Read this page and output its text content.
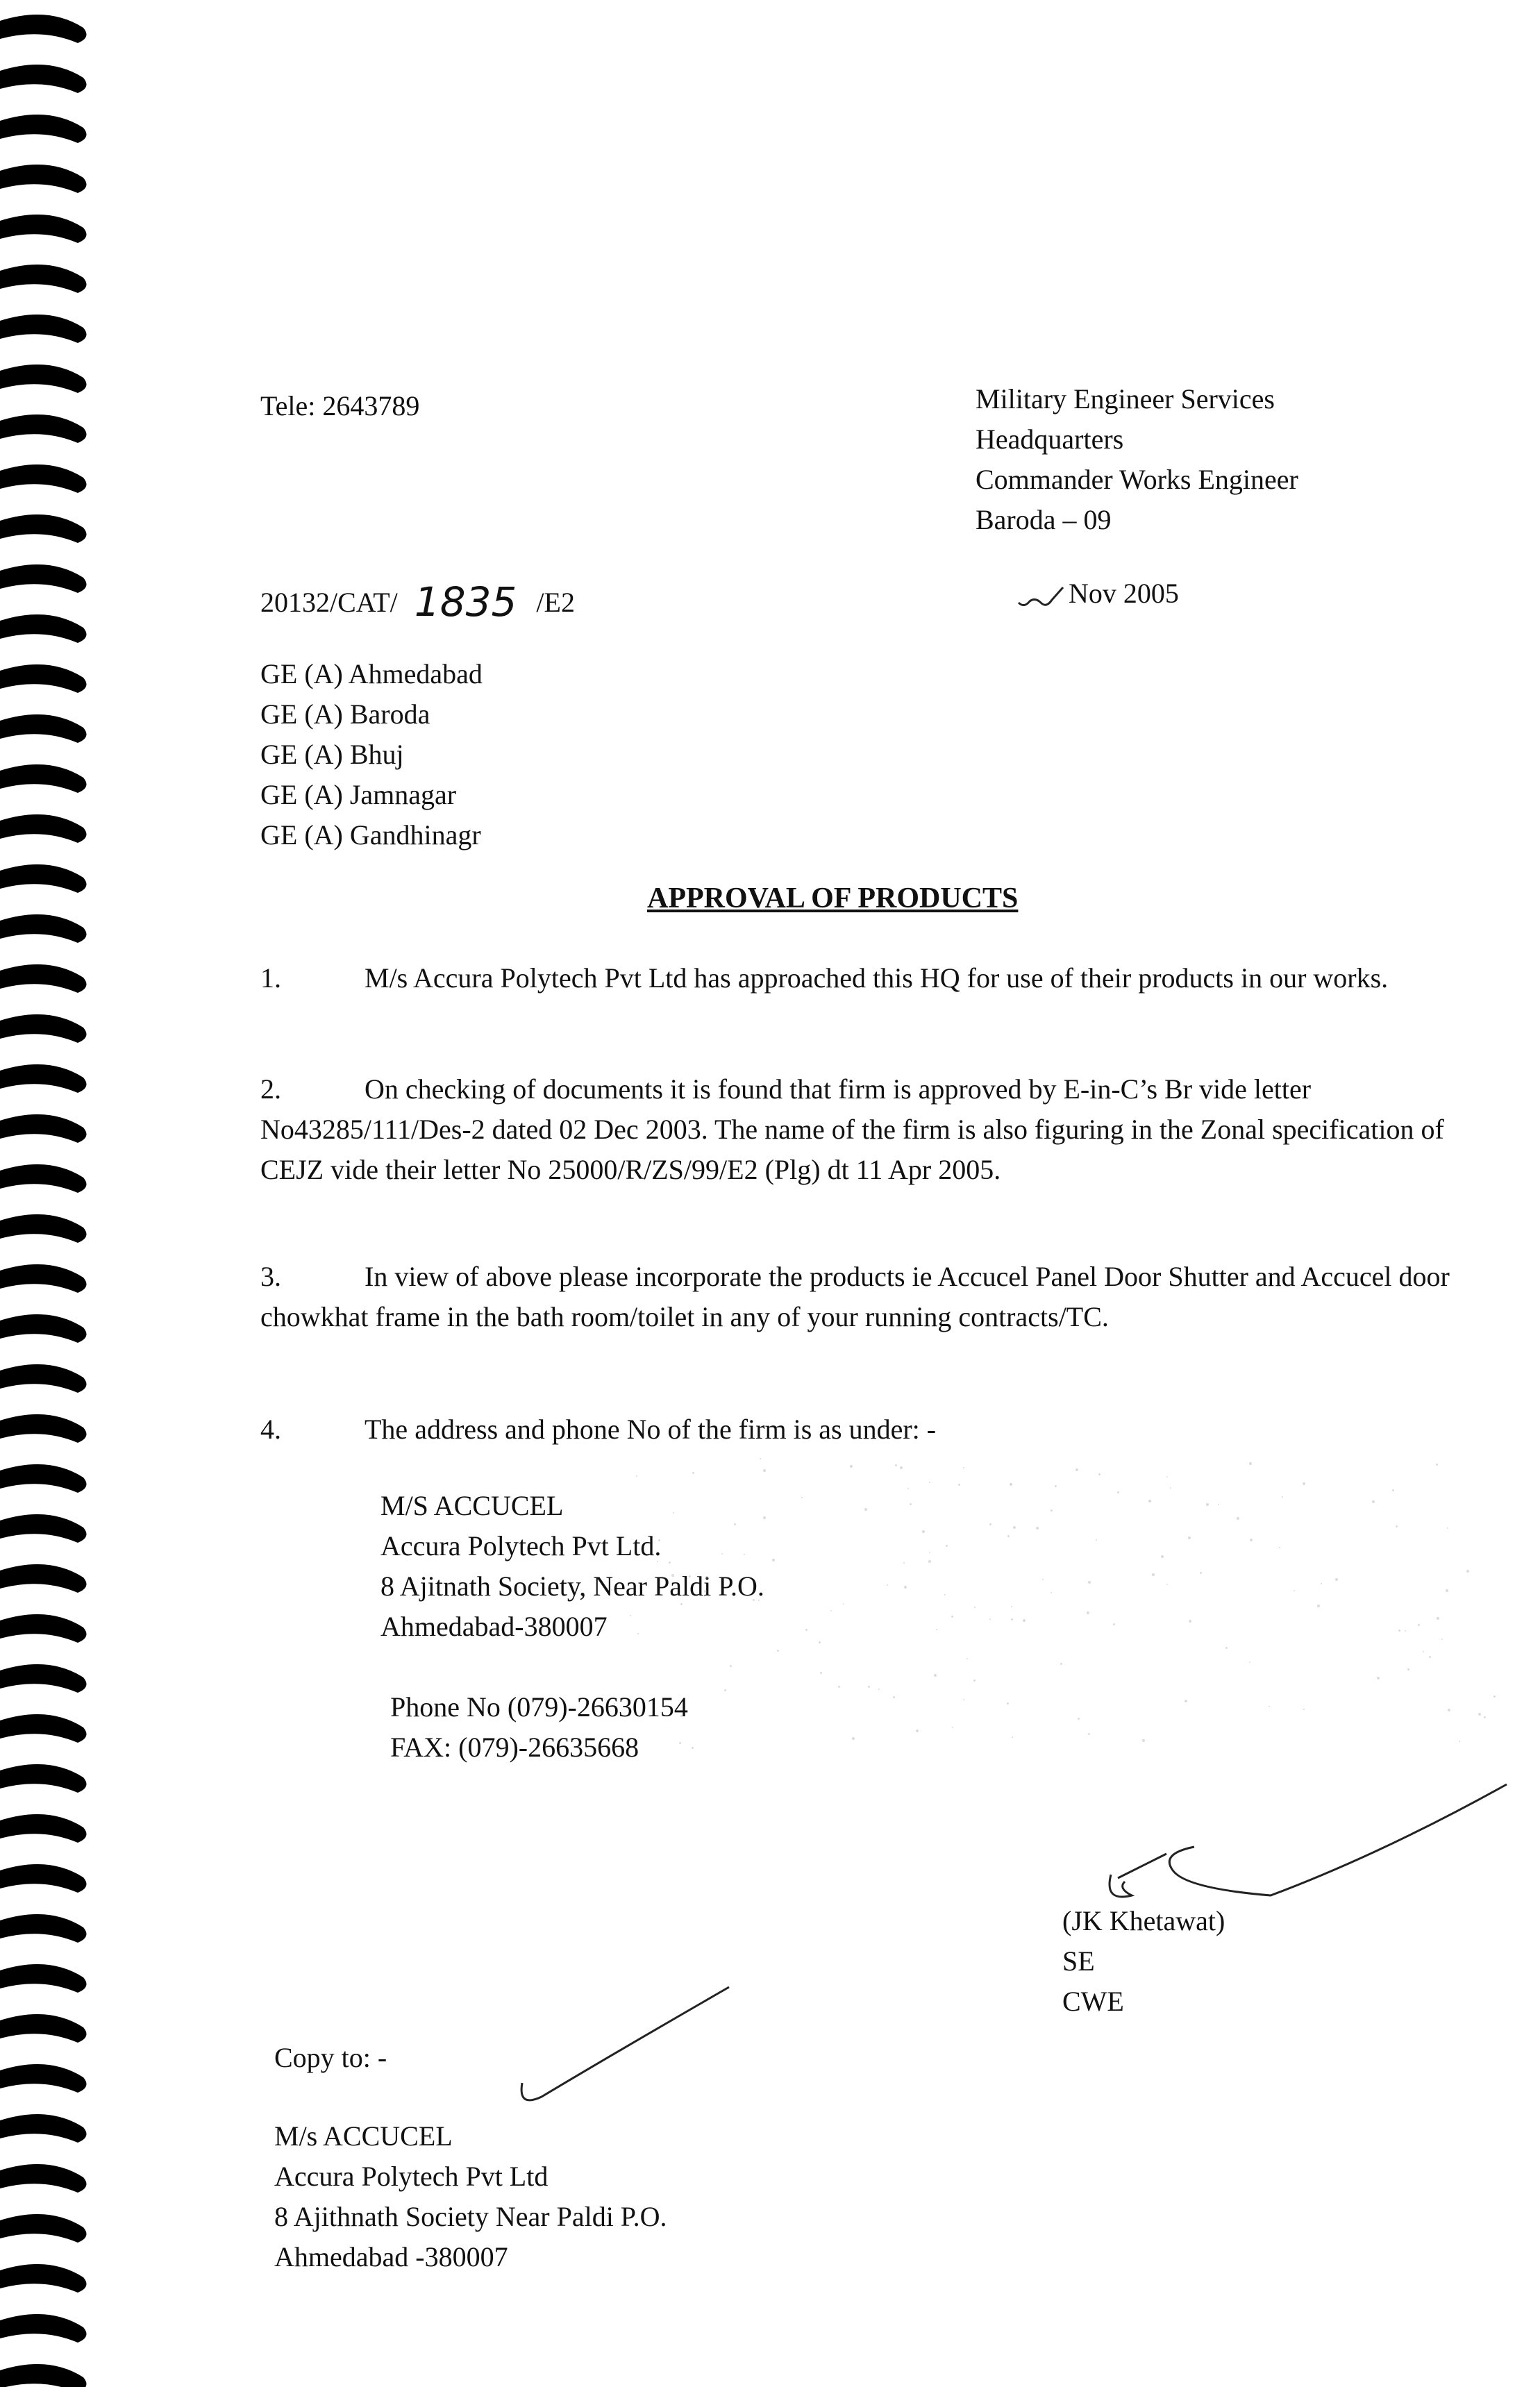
Tele: 2643789	Military Engineer Services
Headquarters
Commander Works Engineer
Baroda – 09
20132/CAT/ 1835 /E2	Nov 2005
GE (A) Ahmedabad
GE (A) Baroda
GE (A) Bhuj
GE (A) Jamnagar
GE (A) Gandhinagr
APPROVAL OF PRODUCTS
1.	M/s Accura Polytech Pvt Ltd has approached this HQ for use of their products in our works.
2.	On checking of documents it is found that firm is approved by E-in-C’s Br vide letter No43285/111/Des-2 dated 02 Dec 2003. The name of the firm is also figuring in the Zonal specification of CEJZ vide their letter No 25000/R/ZS/99/E2 (Plg) dt 11 Apr 2005.
3.	In view of above please incorporate the products ie Accucel Panel Door Shutter and Accucel door chowkhat frame in the bath room/toilet in any of your running contracts/TC.
4.	The address and phone No of the firm is as under: -
M/S ACCUCEL
Accura Polytech Pvt Ltd.
8 Ajitnath Society, Near Paldi P.O.
Ahmedabad-380007
Phone No (079)-26630154
FAX: (079)-26635668
(JK Khetawat)
SE
CWE
Copy to: -
M/s ACCUCEL
Accura Polytech Pvt Ltd
8 Ajithnath Society Near Paldi P.O.
Ahmedabad -380007
